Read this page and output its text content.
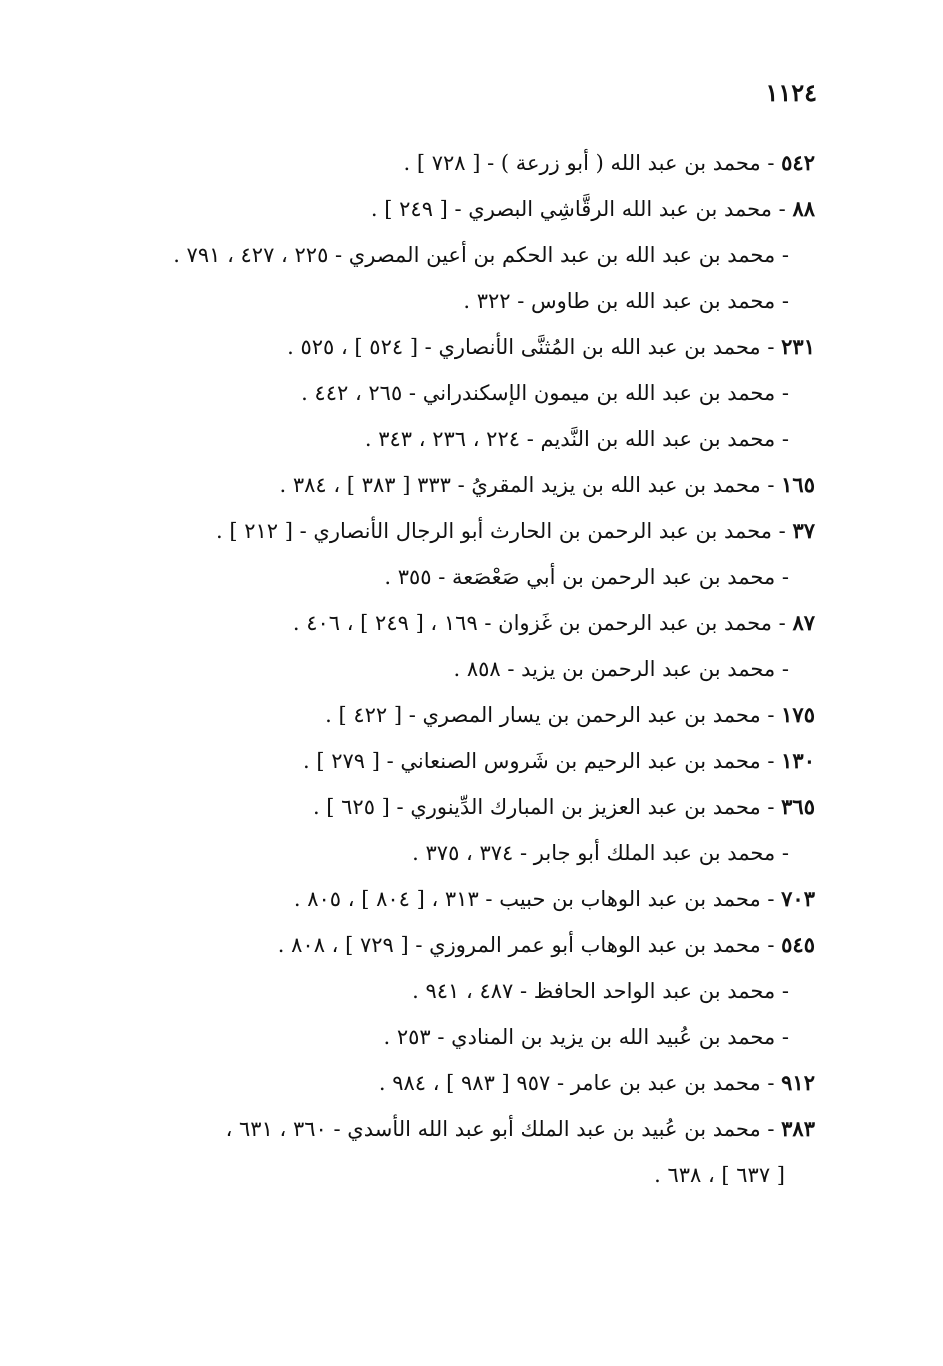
١١٢٤
٥٤٢ - محمد بن عبد الله ( أبو زرعة ) - [ ٧٢٨ ] .
٨٨ - محمد بن عبد الله الرقَّاشِي البصري - [ ٢٤٩ ] .
- محمد بن عبد الله بن عبد الحكم بن أعين المصري - ٢٢٥ ، ٤٢٧ ، ٧٩١ .
- محمد بن عبد الله بن طاوس - ٣٢٢ .
٢٣١ - محمد بن عبد الله بن المُثنَّى الأنصاري - [ ٥٢٤ ] ، ٥٢٥ .
- محمد بن عبد الله بن ميمون الإسكندراني - ٢٦٥ ، ٤٤٢ .
- محمد بن عبد الله بن النَّديم - ٢٢٤ ، ٢٣٦ ، ٣٤٣ .
١٦٥ - محمد بن عبد الله بن يزيد المقريُ - ٣٣٣ [ ٣٨٣ ] ، ٣٨٤ .
٣٧ - محمد بن عبد الرحمن بن الحارث أبو الرجال الأنصاري - [ ٢١٢ ] .
- محمد بن عبد الرحمن بن أبي صَعْصَعة - ٣٥٥ .
٨٧ - محمد بن عبد الرحمن بن غَزوان - ١٦٩ ، [ ٢٤٩ ] ، ٤٠٦ .
- محمد بن عبد الرحمن بن يزيد - ٨٥٨ .
١٧٥ - محمد بن عبد الرحمن بن يسار المصري - [ ٤٢٢ ] .
١٣٠ - محمد بن عبد الرحيم بن شَروس الصنعاني - [ ٢٧٩ ] .
٣٦٥ - محمد بن عبد العزيز بن المبارك الدِّينوري - [ ٦٢٥ ] .
- محمد بن عبد الملك أبو جابر - ٣٧٤ ، ٣٧٥ .
٧٠٣ - محمد بن عبد الوهاب بن حبيب - ٣١٣ ، [ ٨٠٤ ] ، ٨٠٥ .
٥٤٥ - محمد بن عبد الوهاب أبو عمر المروزي - [ ٧٢٩ ] ، ٨٠٨ .
- محمد بن عبد الواحد الحافظ - ٤٨٧ ، ٩٤١ .
- محمد بن عُبيد الله بن يزيد بن المنادي - ٢٥٣ .
٩١٢ - محمد بن عبد بن عامر - ٩٥٧ [ ٩٨٣ ] ، ٩٨٤ .
٣٨٣ - محمد بن عُبيد بن عبد الملك أبو عبد الله الأسدي - ٣٦٠ ، ٦٣١ ،
[ ٦٣٧ ] ، ٦٣٨ .
